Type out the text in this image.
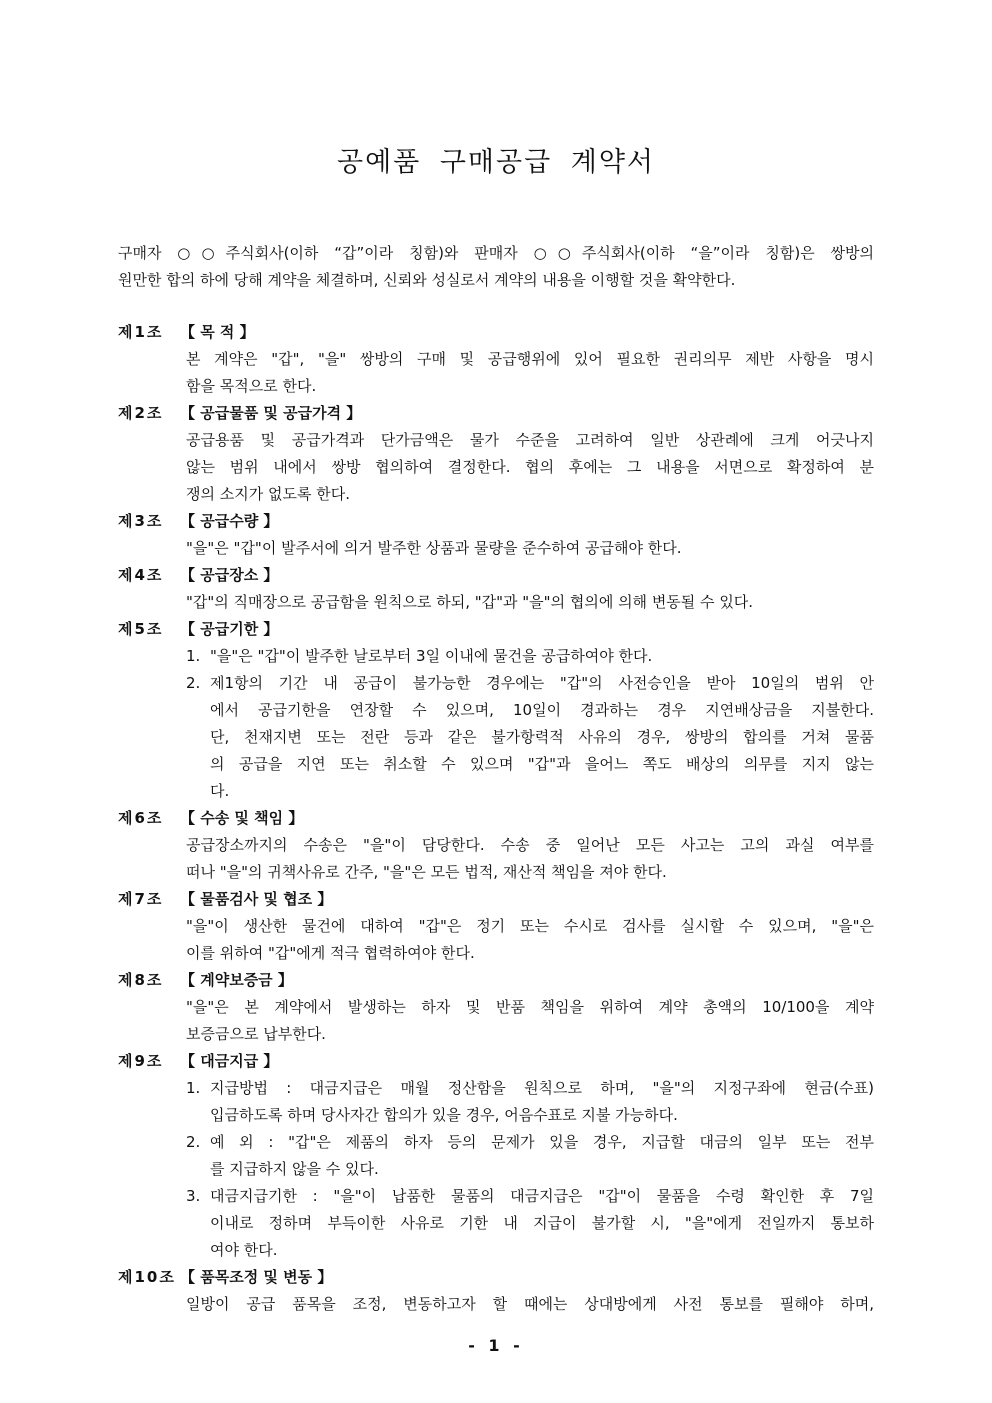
공예품 구매공급 계약서
구매자 ○○주식회사(이하 “갑”이라 칭함)와 판매자 ○○주식회사(이하 “을”이라 칭함)은 쌍방의
원만한 합의 하에 당해 계약을 체결하며, 신뢰와 성실로서 계약의 내용을 이행할 것을 확약한다.
제1조 【 목 적 】
본 계약은 "갑", "을" 쌍방의 구매 및 공급행위에 있어 필요한 권리의무 제반 사항을 명시
함을 목적으로 한다.
제2조 【 공급물품 및 공급가격 】
공급용품 및 공급가격과 단가금액은 물가 수준을 고려하여 일반 상관례에 크게 어긋나지
않는 범위 내에서 쌍방 협의하여 결정한다. 협의 후에는 그 내용을 서면으로 확정하여 분
쟁의 소지가 없도록 한다.
제3조 【 공급수량 】
"을"은 "갑"이 발주서에 의거 발주한 상품과 물량을 준수하여 공급해야 한다.
제4조 【 공급장소 】
"갑"의 직매장으로 공급함을 원칙으로 하되, "갑"과 "을"의 협의에 의해 변동될 수 있다.
제5조 【 공급기한 】
1. "을"은 "갑"이 발주한 날로부터 3일 이내에 물건을 공급하여야 한다.
2. 제1항의 기간 내 공급이 불가능한 경우에는 "갑"의 사전승인을 받아 10일의 범위 안
에서 공급기한을 연장할 수 있으며, 10일이 경과하는 경우 지연배상금을 지불한다.
단, 천재지변 또는 전란 등과 같은 불가항력적 사유의 경우, 쌍방의 합의를 거쳐 물품
의 공급을 지연 또는 취소할 수 있으며 "갑"과 을어느 쪽도 배상의 의무를 지지 않는
다.
제6조 【 수송 및 책임 】
공급장소까지의 수송은 "을"이 담당한다. 수송 중 일어난 모든 사고는 고의 과실 여부를
떠나 "을"의 귀책사유로 간주, "을"은 모든 법적, 재산적 책임을 져야 한다.
제7조 【 물품검사 및 협조 】
"을"이 생산한 물건에 대하여 "갑"은 정기 또는 수시로 검사를 실시할 수 있으며, "을"은
이를 위하여 "갑"에게 적극 협력하여야 한다.
제8조 【 계약보증금 】
"을"은 본 계약에서 발생하는 하자 및 반품 책임을 위하여 계약 총액의 10/100을 계약
보증금으로 납부한다.
제9조 【 대금지급 】
1. 지급방법 : 대금지급은 매월 정산함을 원칙으로 하며, "을"의 지정구좌에 현금(수표)
입금하도록 하며 당사자간 합의가 있을 경우, 어음수표로 지불 가능하다.
2. 예 외 : "갑"은 제품의 하자 등의 문제가 있을 경우, 지급할 대금의 일부 또는 전부
를 지급하지 않을 수 있다.
3. 대금지급기한 : "을"이 납품한 물품의 대금지급은 "갑"이 물품을 수령 확인한 후 7일
이내로 정하며 부득이한 사유로 기한 내 지급이 불가할 시, "을"에게 전일까지 통보하
여야 한다.
제10조 【 품목조정 및 변동 】
일방이 공급 품목을 조정, 변동하고자 할 때에는 상대방에게 사전 통보를 필해야 하며,
- 1 -
